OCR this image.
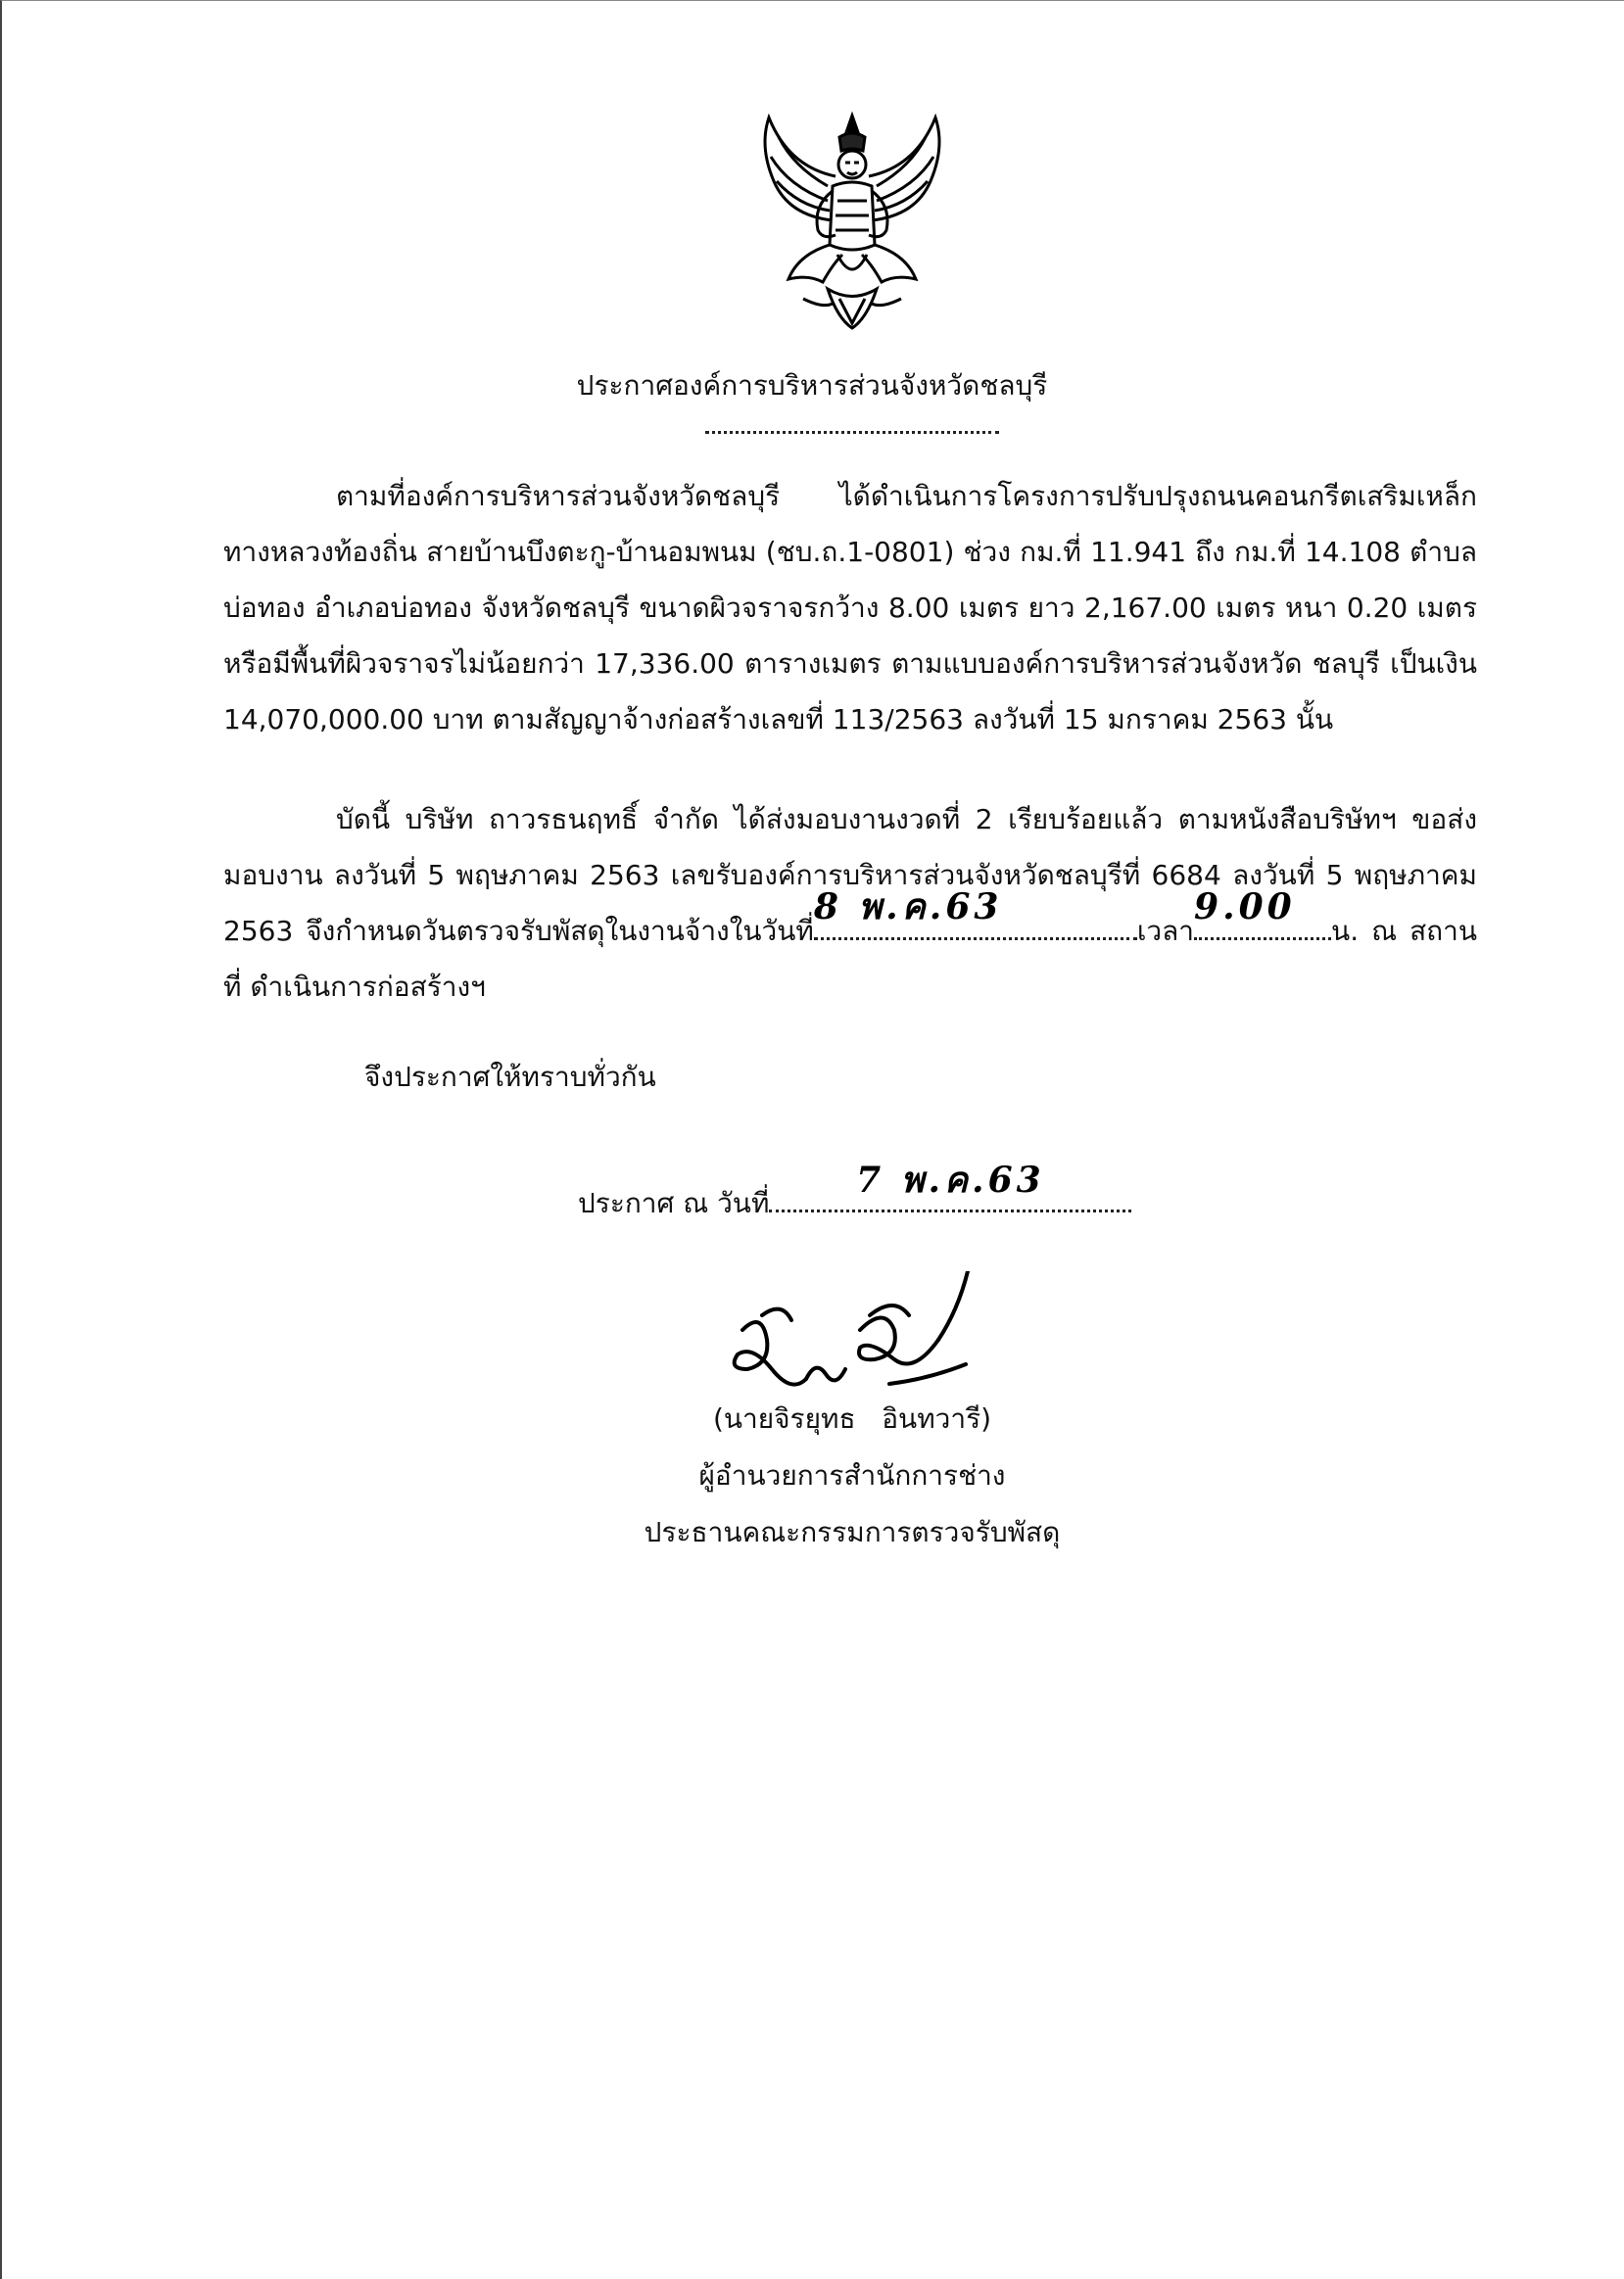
ประกาศองค์การบริหารส่วนจังหวัดชลบุรี

ตามที่องค์การบริหารส่วนจังหวัดชลบุรี ได้ดำเนินการโครงการปรับปรุงถนนคอนกรีตเสริมเหล็ก ทางหลวงท้องถิ่น สายบ้านบึงตะกู-บ้านอมพนม (ชบ.ถ.1-0801) ช่วง กม.ที่ 11.941 ถึง กม.ที่ 14.108 ตำบลบ่อทอง อำเภอบ่อทอง จังหวัดชลบุรี ขนาดผิวจราจรกว้าง 8.00 เมตร ยาว 2,167.00 เมตร หนา 0.20 เมตร หรือมีพื้นที่ผิวจราจรไม่น้อยกว่า 17,336.00 ตารางเมตร ตามแบบองค์การบริหารส่วนจังหวัด ชลบุรี เป็นเงิน 14,070,000.00 บาท ตามสัญญาจ้างก่อสร้างเลขที่ 113/2563 ลงวันที่ 15 มกราคม 2563 นั้น

บัดนี้ บริษัท ถาวรธนฤทธิ์ จำกัด ได้ส่งมอบงานงวดที่ 2 เรียบร้อยแล้ว ตามหนังสือบริษัทฯ ขอส่ง มอบงาน ลงวันที่ 5 พฤษภาคม 2563 เลขรับองค์การบริหารส่วนจังหวัดชลบุรีที่ 6684 ลงวันที่ 5 พฤษภาคม 2563 จึงกำหนดวันตรวจรับพัสดุในงานจ้างในวันที่
8 พ.ค.63
เวลา
9.00
น. ณ สถานที่ ดำเนินการก่อสร้างฯ

จึงประกาศให้ทราบทั่วกัน
ประกาศ ณ วันที่
7 พ.ค.63
(นายจิรยุทธ   อินทวารี)
ผู้อำนวยการสำนักการช่าง
ประธานคณะกรรมการตรวจรับพัสดุ
